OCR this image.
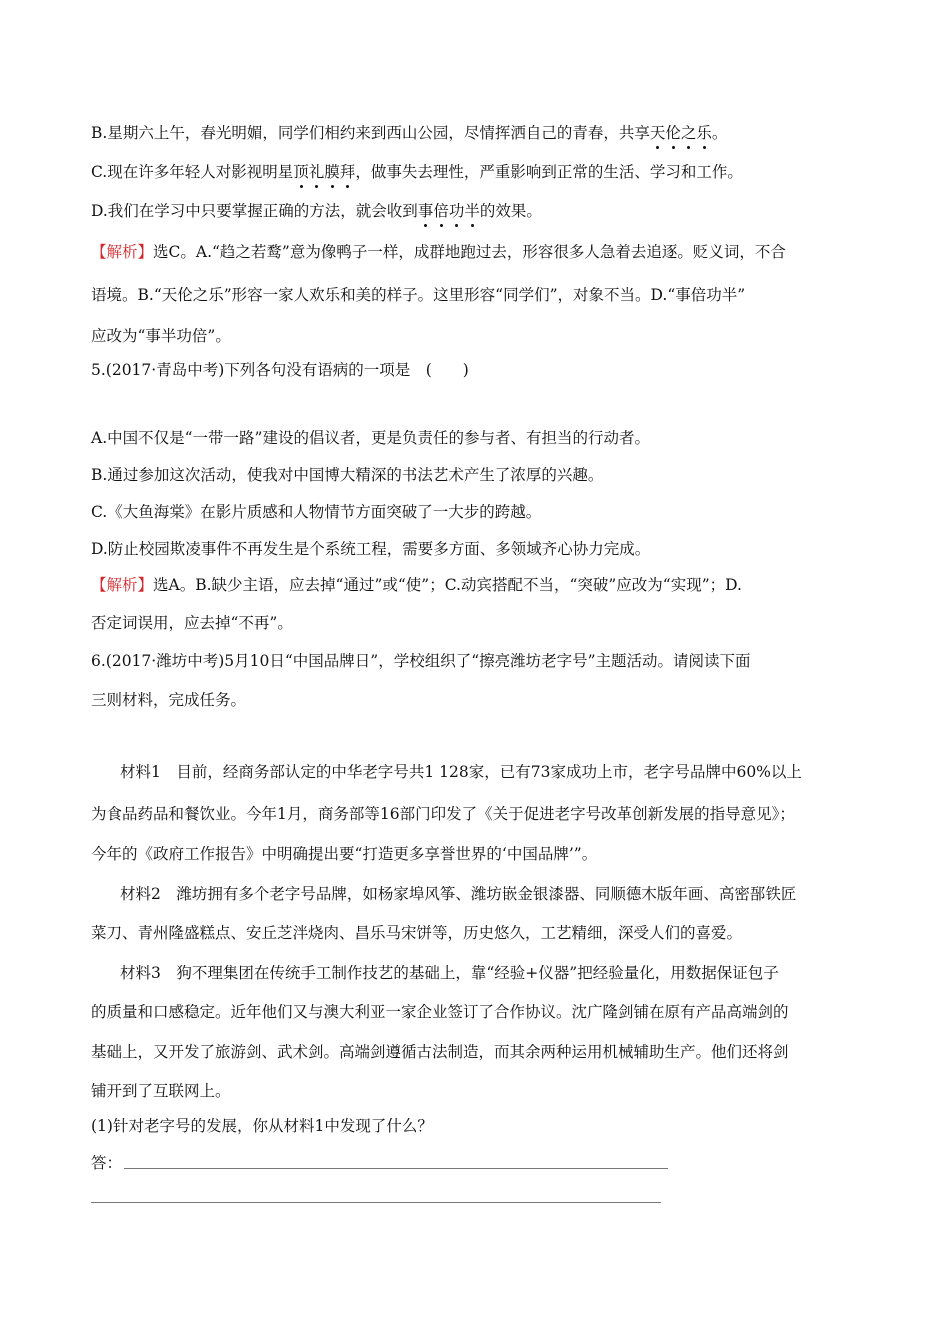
B.星期六上午，春光明媚，同学们相约来到西山公园，尽情挥洒自己的青春，共享天伦之乐。
C.现在许多年轻人对影视明星顶礼膜拜，做事失去理性，严重影响到正常的生活、学习和工作。
D.我们在学习中只要掌握正确的方法，就会收到事倍功半的效果。
【解析】选C。A.“趋之若鹜”意为像鸭子一样，成群地跑过去，形容很多人急着去追逐。贬义词，不合
语境。B.“天伦之乐”形容一家人欢乐和美的样子。这里形容“同学们”，对象不当。D.“事倍功半”
应改为“事半功倍”。
5.(2017·青岛中考)下列各句没有语病的一项是　(　　)
A.中国不仅是“一带一路”建设的倡议者，更是负责任的参与者、有担当的行动者。
B.通过参加这次活动，使我对中国博大精深的书法艺术产生了浓厚的兴趣。
C.《大鱼海棠》在影片质感和人物情节方面突破了一大步的跨越。
D.防止校园欺凌事件不再发生是个系统工程，需要多方面、多领域齐心协力完成。
【解析】选A。B.缺少主语，应去掉“通过”或“使”；C.动宾搭配不当，“突破”应改为“实现”；D.
否定词误用，应去掉“不再”。
6.(2017·潍坊中考)5月10日“中国品牌日”，学校组织了“擦亮潍坊老字号”主题活动。请阅读下面
三则材料，完成任务。
材料1　目前，经商务部认定的中华老字号共1 128家，已有73家成功上市，老字号品牌中60%以上
为食品药品和餐饮业。今年1月，商务部等16部门印发了《关于促进老字号改革创新发展的指导意见》；
今年的《政府工作报告》中明确提出要“打造更多享誉世界的‘中国品牌’”。
材料2　潍坊拥有多个老字号品牌，如杨家埠风筝、潍坊嵌金银漆器、同顺德木版年画、高密郚铁匠
菜刀、青州隆盛糕点、安丘芝泮烧肉、昌乐马宋饼等，历史悠久，工艺精细，深受人们的喜爱。
材料3　狗不理集团在传统手工制作技艺的基础上，靠“经验+仪器”把经验量化，用数据保证包子
的质量和口感稳定。近年他们又与澳大利亚一家企业签订了合作协议。沈广隆剑铺在原有产品高端剑的
基础上，又开发了旅游剑、武术剑。高端剑遵循古法制造，而其余两种运用机械辅助生产。他们还将剑
铺开到了互联网上。
(1)针对老字号的发展，你从材料1中发现了什么？
答：
